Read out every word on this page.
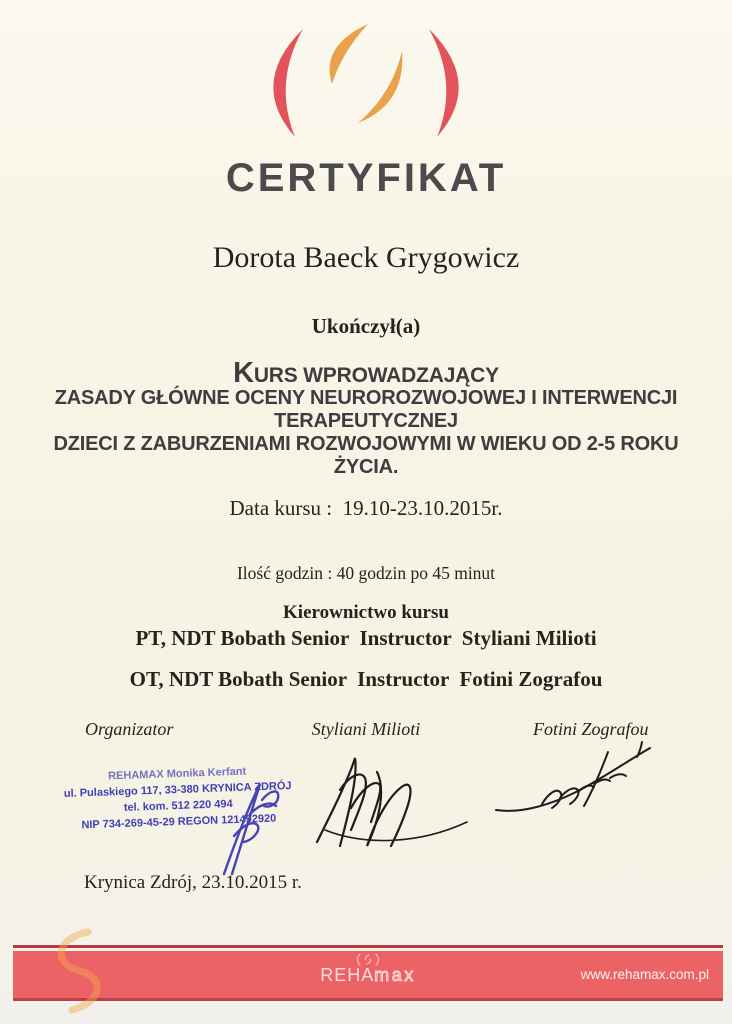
CERTYFIKAT
Dorota Baeck Grygowicz
Ukończył(a)
KURS WPROWADZAJĄCY
ZASADY GŁÓWNE OCENY NEUROROZWOJOWEJ I INTERWENCJI
TERAPEUTYCZNEJ
DZIECI Z ZABURZENIAMI ROZWOJOWYMI W WIEKU OD 2-5 ROKU
ŻYCIA.
Data kursu :  19.10-23.10.2015r.
Ilość godzin : 40 godzin po 45 minut
Kierownictwo kursu
PT, NDT Bobath Senior  Instructor  Styliani Milioti
OT, NDT Bobath Senior  Instructor  Fotini Zografou
Organizator	Styliani Milioti	Fotini Zografou
REHAMAX Monika Kerfant
ul. Pulaskiego 117, 33-380 KRYNICA ZDRÓJ
tel. kom. 512 220 494
NIP 734-269-45-29 REGON 121492920
Krynica Zdrój, 23.10.2015 r.
REHAmax	www.rehamax.com.pl
